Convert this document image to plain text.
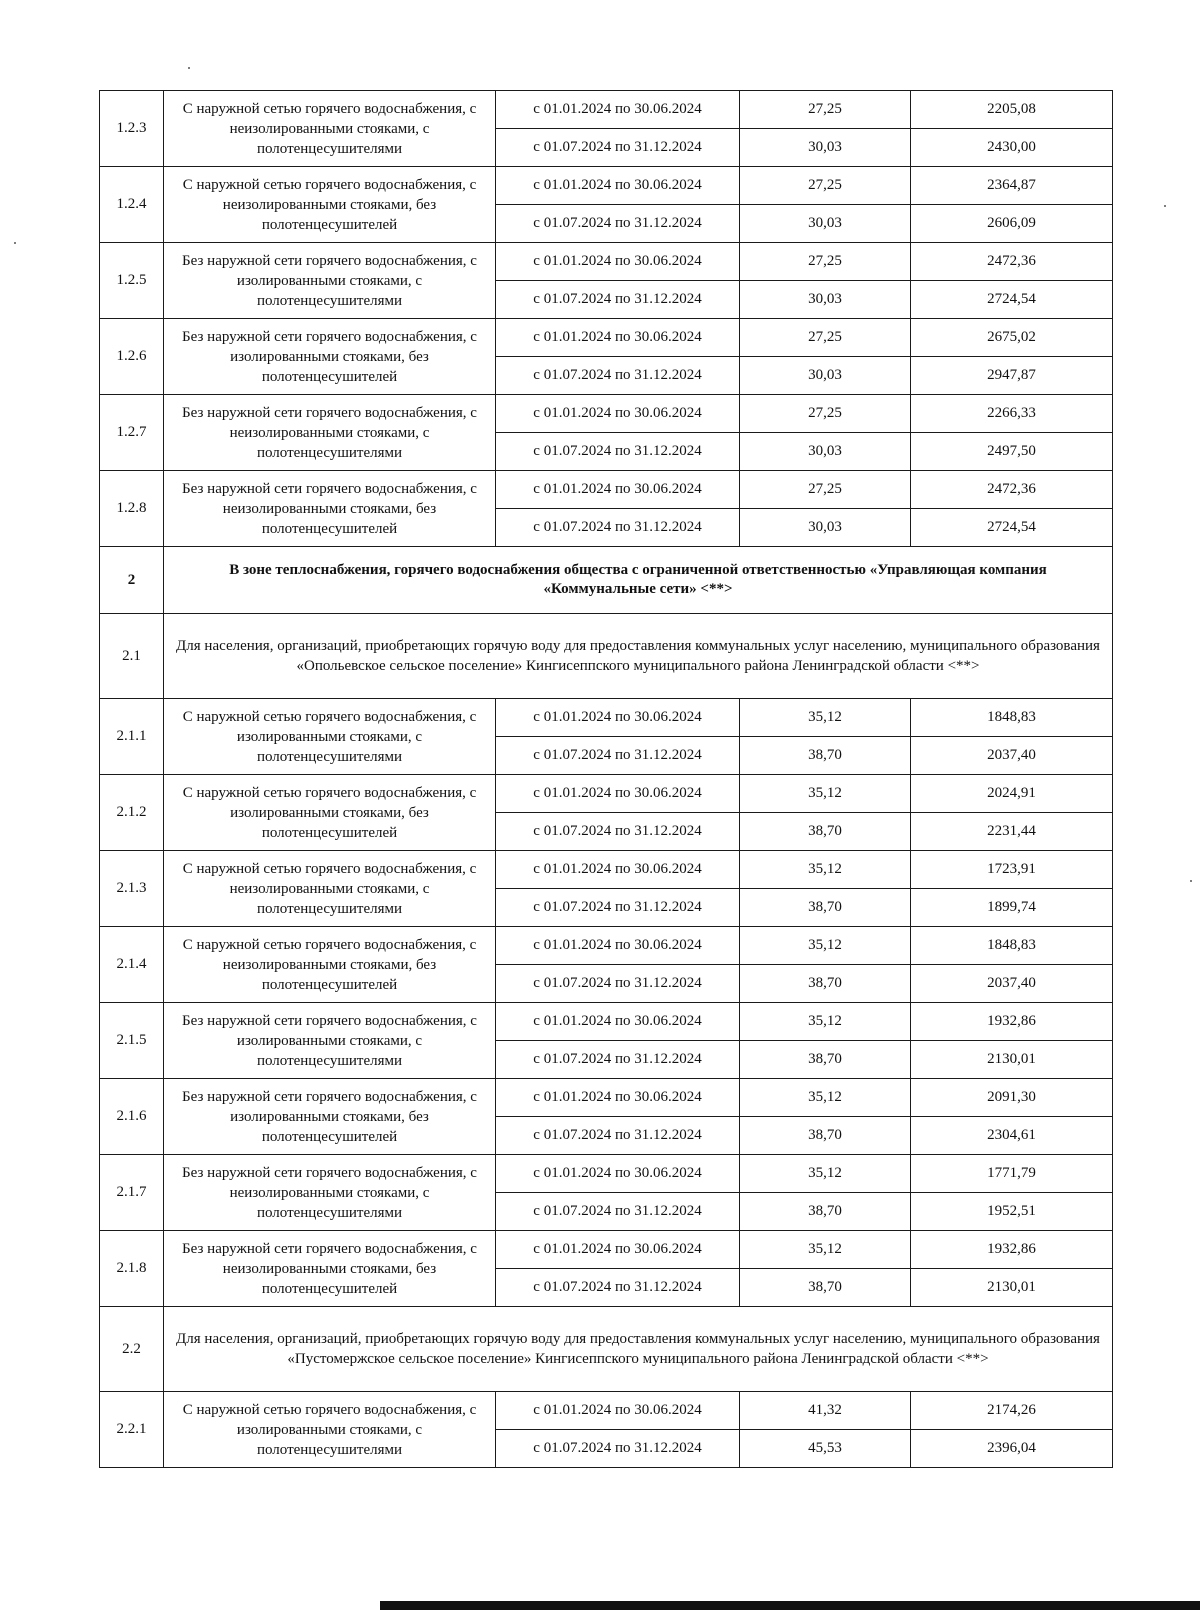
1.2.3	С наружной сетью горячего водоснабжения, с неизолированными стояками, с полотенцесушителями	с 01.01.2024 по 30.06.2024	27,25	2205,08
		с 01.07.2024 по 31.12.2024	30,03	2430,00
1.2.4	С наружной сетью горячего водоснабжения, с неизолированными стояками, без полотенцесушителей	с 01.01.2024 по 30.06.2024	27,25	2364,87
		с 01.07.2024 по 31.12.2024	30,03	2606,09
1.2.5	Без наружной сети горячего водоснабжения, с изолированными стояками, с полотенцесушителями	с 01.01.2024 по 30.06.2024	27,25	2472,36
		с 01.07.2024 по 31.12.2024	30,03	2724,54
1.2.6	Без наружной сети горячего водоснабжения, с изолированными стояками, без полотенцесушителей	с 01.01.2024 по 30.06.2024	27,25	2675,02
		с 01.07.2024 по 31.12.2024	30,03	2947,87
1.2.7	Без наружной сети горячего водоснабжения, с неизолированными стояками, с полотенцесушителями	с 01.01.2024 по 30.06.2024	27,25	2266,33
		с 01.07.2024 по 31.12.2024	30,03	2497,50
1.2.8	Без наружной сети горячего водоснабжения, с неизолированными стояками, без полотенцесушителей	с 01.01.2024 по 30.06.2024	27,25	2472,36
		с 01.07.2024 по 31.12.2024	30,03	2724,54
2	В зоне теплоснабжения, горячего водоснабжения общества с ограниченной ответственностью «Управляющая компания «Коммунальные сети» <**>			
2.1	Для населения, организаций, приобретающих горячую воду для предоставления коммунальных услуг населению, муниципального образования «Опольевское сельское поселение» Кингисеппского муниципального района Ленинградской области <**>			
2.1.1	С наружной сетью горячего водоснабжения, с изолированными стояками, с полотенцесушителями	с 01.01.2024 по 30.06.2024	35,12	1848,83
		с 01.07.2024 по 31.12.2024	38,70	2037,40
2.1.2	С наружной сетью горячего водоснабжения, с изолированными стояками, без полотенцесушителей	с 01.01.2024 по 30.06.2024	35,12	2024,91
		с 01.07.2024 по 31.12.2024	38,70	2231,44
2.1.3	С наружной сетью горячего водоснабжения, с неизолированными стояками, с полотенцесушителями	с 01.01.2024 по 30.06.2024	35,12	1723,91
		с 01.07.2024 по 31.12.2024	38,70	1899,74
2.1.4	С наружной сетью горячего водоснабжения, с неизолированными стояками, без полотенцесушителей	с 01.01.2024 по 30.06.2024	35,12	1848,83
		с 01.07.2024 по 31.12.2024	38,70	2037,40
2.1.5	Без наружной сети горячего водоснабжения, с изолированными стояками, с полотенцесушителями	с 01.01.2024 по 30.06.2024	35,12	1932,86
		с 01.07.2024 по 31.12.2024	38,70	2130,01
2.1.6	Без наружной сети горячего водоснабжения, с изолированными стояками, без полотенцесушителей	с 01.01.2024 по 30.06.2024	35,12	2091,30
		с 01.07.2024 по 31.12.2024	38,70	2304,61
2.1.7	Без наружной сети горячего водоснабжения, с неизолированными стояками, с полотенцесушителями	с 01.01.2024 по 30.06.2024	35,12	1771,79
		с 01.07.2024 по 31.12.2024	38,70	1952,51
2.1.8	Без наружной сети горячего водоснабжения, с неизолированными стояками, без полотенцесушителей	с 01.01.2024 по 30.06.2024	35,12	1932,86
		с 01.07.2024 по 31.12.2024	38,70	2130,01
2.2	Для населения, организаций, приобретающих горячую воду для предоставления коммунальных услуг населению, муниципального образования «Пустомержское сельское поселение» Кингисеппского муниципального района Ленинградской области <**>			
2.2.1	С наружной сетью горячего водоснабжения, с изолированными стояками, с полотенцесушителями	с 01.01.2024 по 30.06.2024	41,32	2174,26
		с 01.07.2024 по 31.12.2024	45,53	2396,04
